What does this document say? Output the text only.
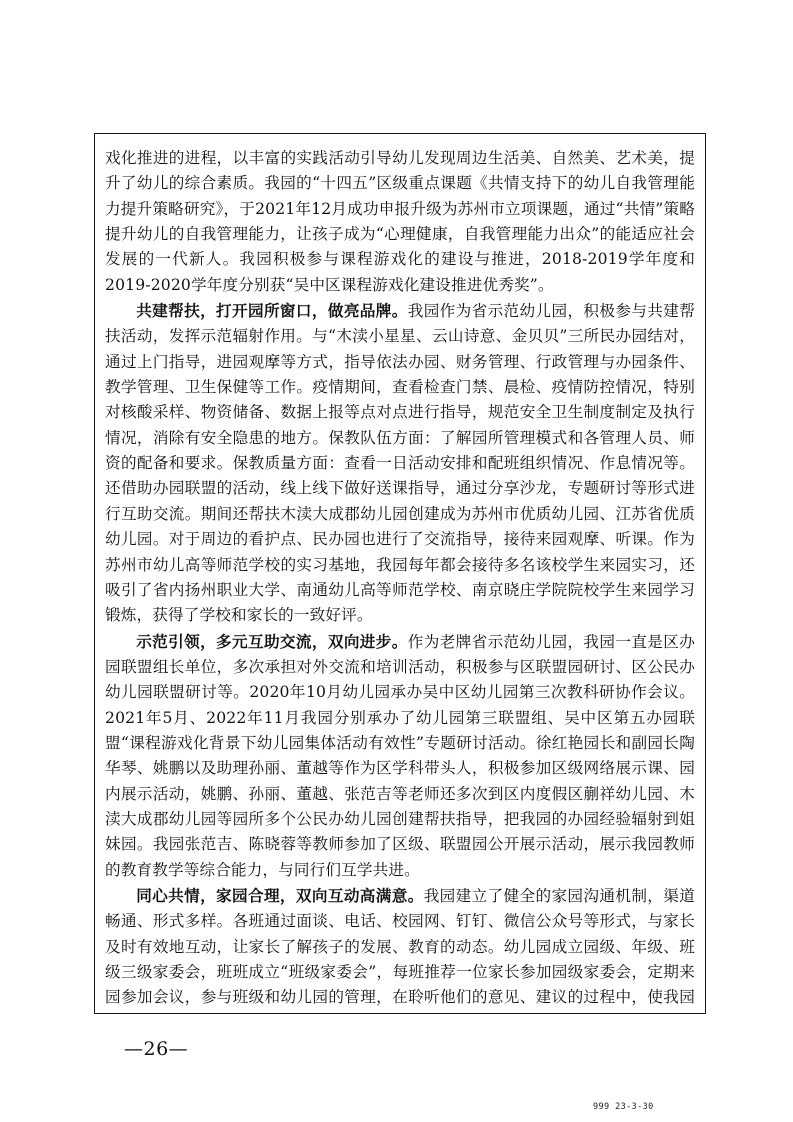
戏化推进的进程，以丰富的实践活动引导幼儿发现周边生活美、自然美、艺术美，提升了幼儿的综合素质。我园的“十四五”区级重点课题《共情支持下的幼儿自我管理能力提升策略研究》，于2021年12月成功申报升级为苏州市立项课题，通过“共情”策略提升幼儿的自我管理能力，让孩子成为“心理健康，自我管理能力出众”的能适应社会发展的一代新人。我园积极参与课程游戏化的建设与推进，2018-2019学年度和2019-2020学年度分别获“吴中区课程游戏化建设推进优秀奖”。

共建帮扶，打开园所窗口，做亮品牌。我园作为省示范幼儿园，积极参与共建帮扶活动，发挥示范辐射作用。与“木渎小星星、云山诗意、金贝贝”三所民办园结对，通过上门指导，进园观摩等方式，指导依法办园、财务管理、行政管理与办园条件、教学管理、卫生保健等工作。疫情期间，查看检查门禁、晨检、疫情防控情况，特别对核酸采样、物资储备、数据上报等点对点进行指导，规范安全卫生制度制定及执行情况，消除有安全隐患的地方。保教队伍方面：了解园所管理模式和各管理人员、师资的配备和要求。保教质量方面：查看一日活动安排和配班组织情况、作息情况等。还借助办园联盟的活动，线上线下做好送课指导，通过分享沙龙，专题研讨等形式进行互助交流。期间还帮扶木渎大成郡幼儿园创建成为苏州市优质幼儿园、江苏省优质幼儿园。对于周边的看护点、民办园也进行了交流指导，接待来园观摩、听课。作为苏州市幼儿高等师范学校的实习基地，我园每年都会接待多名该校学生来园实习，还吸引了省内扬州职业大学、南通幼儿高等师范学校、南京晓庄学院院校学生来园学习锻炼，获得了学校和家长的一致好评。

示范引领，多元互助交流，双向进步。作为老牌省示范幼儿园，我园一直是区办园联盟组长单位，多次承担对外交流和培训活动，积极参与区联盟园研讨、区公民办幼儿园联盟研讨等。2020年10月幼儿园承办吴中区幼儿园第三次教科研协作会议。2021年5月、2022年11月我园分别承办了幼儿园第三联盟组、吴中区第五办园联盟“课程游戏化背景下幼儿园集体活动有效性”专题研讨活动。徐红艳园长和副园长陶华琴、姚鹏以及助理孙丽、董越等作为区学科带头人，积极参加区级网络展示课、园内展示活动，姚鹏、孙丽、董越、张范吉等老师还多次到区内度假区蒯祥幼儿园、木渎大成郡幼儿园等园所多个公民办幼儿园创建帮扶指导，把我园的办园经验辐射到姐妹园。我园张范吉、陈晓蓉等教师参加了区级、联盟园公开展示活动，展示我园教师的教育教学等综合能力，与同行们互学共进。

同心共情，家园合理，双向互动高满意。我园建立了健全的家园沟通机制，渠道畅通、形式多样。各班通过面谈、电话、校园网、钉钉、微信公众号等形式，与家长及时有效地互动，让家长了解孩子的发展、教育的动态。幼儿园成立园级、年级、班级三级家委会，班班成立“班级家委会”，每班推荐一位家长参加园级家委会，定期来园参加会议，参与班级和幼儿园的管理，在聆听他们的意见、建议的过程中，使我园

—26—
999 23-3-30
